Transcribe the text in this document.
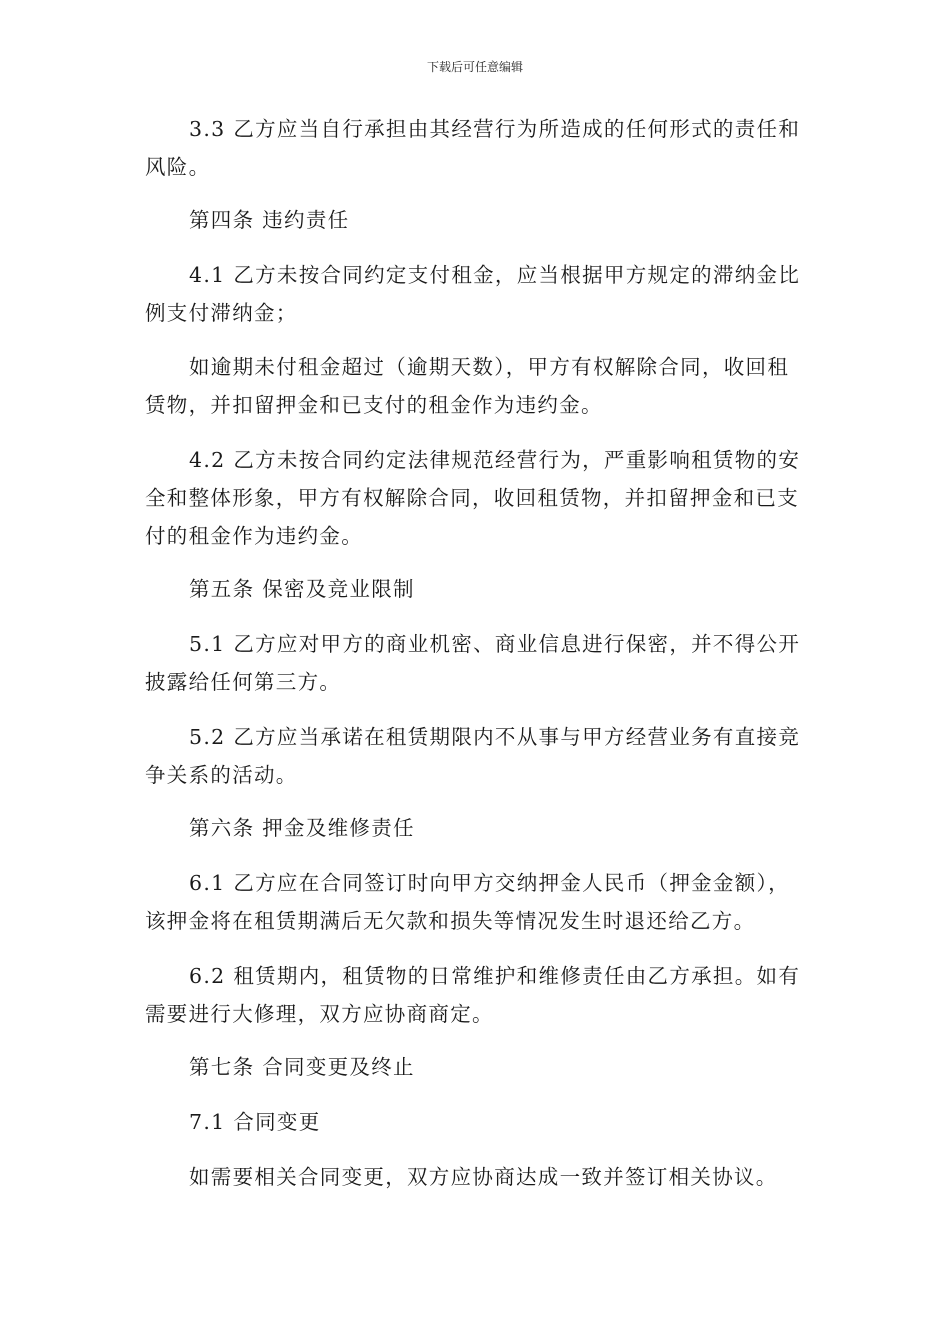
下载后可任意编辑

3.3 乙方应当自行承担由其经营行为所造成的任何形式的责任和风险。

第四条 违约责任

4.1 乙方未按合同约定支付租金，应当根据甲方规定的滞纳金比例支付滞纳金；

如逾期未付租金超过（逾期天数），甲方有权解除合同，收回租赁物，并扣留押金和已支付的租金作为违约金。

4.2 乙方未按合同约定法律规范经营行为，严重影响租赁物的安全和整体形象，甲方有权解除合同，收回租赁物，并扣留押金和已支付的租金作为违约金。

第五条 保密及竞业限制

5.1 乙方应对甲方的商业机密、商业信息进行保密，并不得公开披露给任何第三方。

5.2 乙方应当承诺在租赁期限内不从事与甲方经营业务有直接竞争关系的活动。

第六条 押金及维修责任

6.1 乙方应在合同签订时向甲方交纳押金人民币（押金金额），该押金将在租赁期满后无欠款和损失等情况发生时退还给乙方。

6.2 租赁期内，租赁物的日常维护和维修责任由乙方承担。如有需要进行大修理，双方应协商商定。

第七条 合同变更及终止

7.1 合同变更

如需要相关合同变更，双方应协商达成一致并签订相关协议。
